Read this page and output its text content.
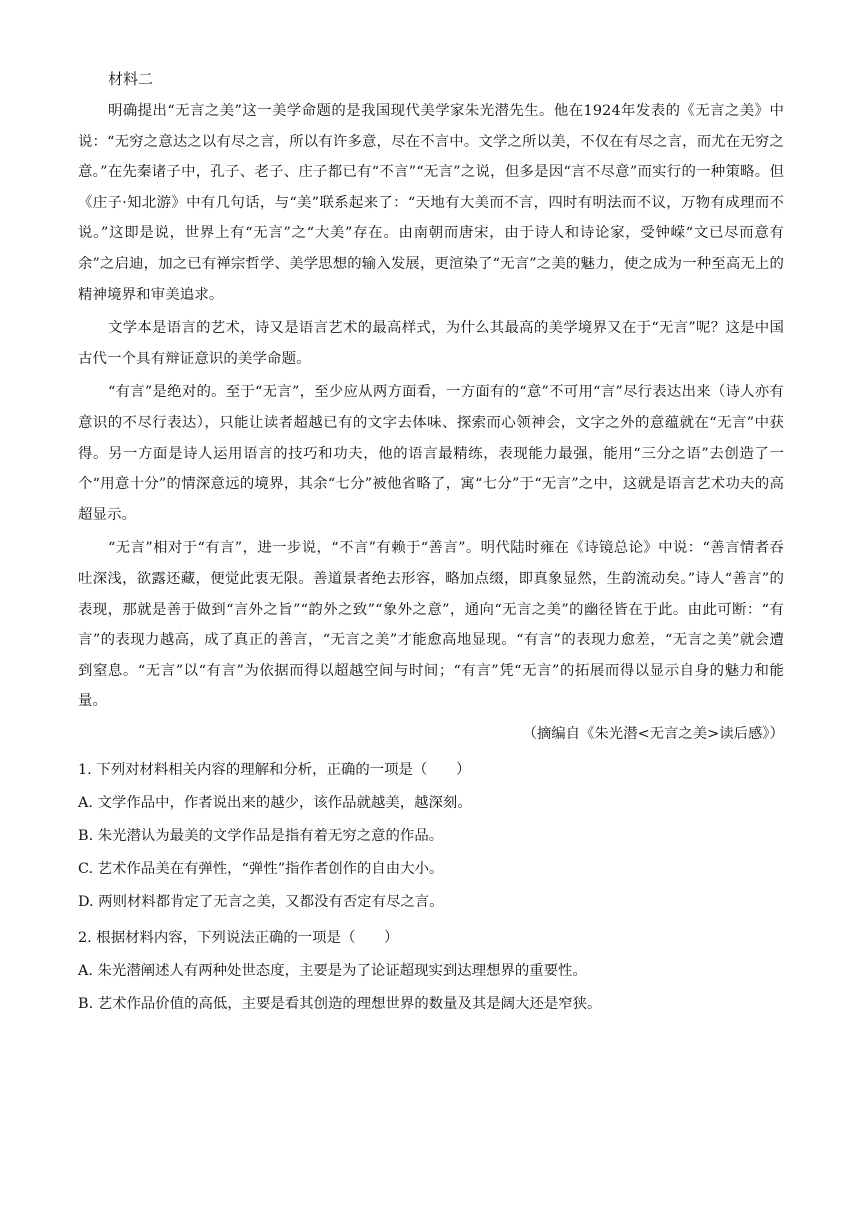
材料二

明确提出“无言之美”这一美学命题的是我国现代美学家朱光潜先生。他在1924年发表的《无言之美》中说：“无穷之意达之以有尽之言，所以有许多意，尽在不言中。文学之所以美，不仅在有尽之言，而尤在无穷之意。”在先秦诸子中，孔子、老子、庄子都已有“不言”“无言”之说，但多是因“言不尽意”而实行的一种策略。但《庄子·知北游》中有几句话，与“美”联系起来了：“天地有大美而不言，四时有明法而不议，万物有成理而不说。”这即是说，世界上有“无言”之“大美”存在。由南朝而唐宋，由于诗人和诗论家，受钟嵘“文已尽而意有余”之启迪，加之已有禅宗哲学、美学思想的输入发展，更渲染了“无言”之美的魅力，使之成为一种至高无上的精神境界和审美追求。

文学本是语言的艺术，诗又是语言艺术的最高样式，为什么其最高的美学境界又在于“无言”呢？这是中国古代一个具有辩证意识的美学命题。

“有言”是绝对的。至于“无言”，至少应从两方面看，一方面有的“意”不可用“言”尽行表达出来（诗人亦有意识的不尽行表达），只能让读者超越已有的文字去体味、探索而心领神会，文字之外的意蕴就在“无言”中获得。另一方面是诗人运用语言的技巧和功夫，他的语言最精练，表现能力最强，能用“三分之语”去创造了一个“用意十分”的情深意远的境界，其余“七分”被他省略了，寓“七分”于“无言”之中，这就是语言艺术功夫的高超显示。

“无言”相对于“有言”，进一步说，“不言”有赖于“善言”。明代陆时雍在《诗镜总论》中说：“善言情者吞吐深浅，欲露还藏，便觉此衷无限。善道景者绝去形容，略加点缀，即真象显然，生韵流动矣。”诗人“善言”的表现，那就是善于做到“言外之旨”“韵外之致”“象外之意”，通向“无言之美”的幽径皆在于此。由此可断：“有言”的表现力越高，成了真正的善言，“无言之美”才能愈高地显现。“有言”的表现力愈差，“无言之美”就会遭到窒息。“无言”以“有言”为依据而得以超越空间与时间；“有言”凭“无言”的拓展而得以显示自身的魅力和能量。

（摘编自《朱光潜<无言之美>读后感》）

1. 下列对材料相关内容的理解和分析，正确的一项是（　　）

A. 文学作品中，作者说出来的越少，该作品就越美，越深刻。

B. 朱光潜认为最美的文学作品是指有着无穷之意的作品。

C. 艺术作品美在有弹性，“弹性”指作者创作的自由大小。

D. 两则材料都肯定了无言之美，又都没有否定有尽之言。

2. 根据材料内容，下列说法正确的一项是（　　）

A. 朱光潜阐述人有两种处世态度，主要是为了论证超现实到达理想界的重要性。

B. 艺术作品价值的高低，主要是看其创造的理想世界的数量及其是阔大还是窄狭。
